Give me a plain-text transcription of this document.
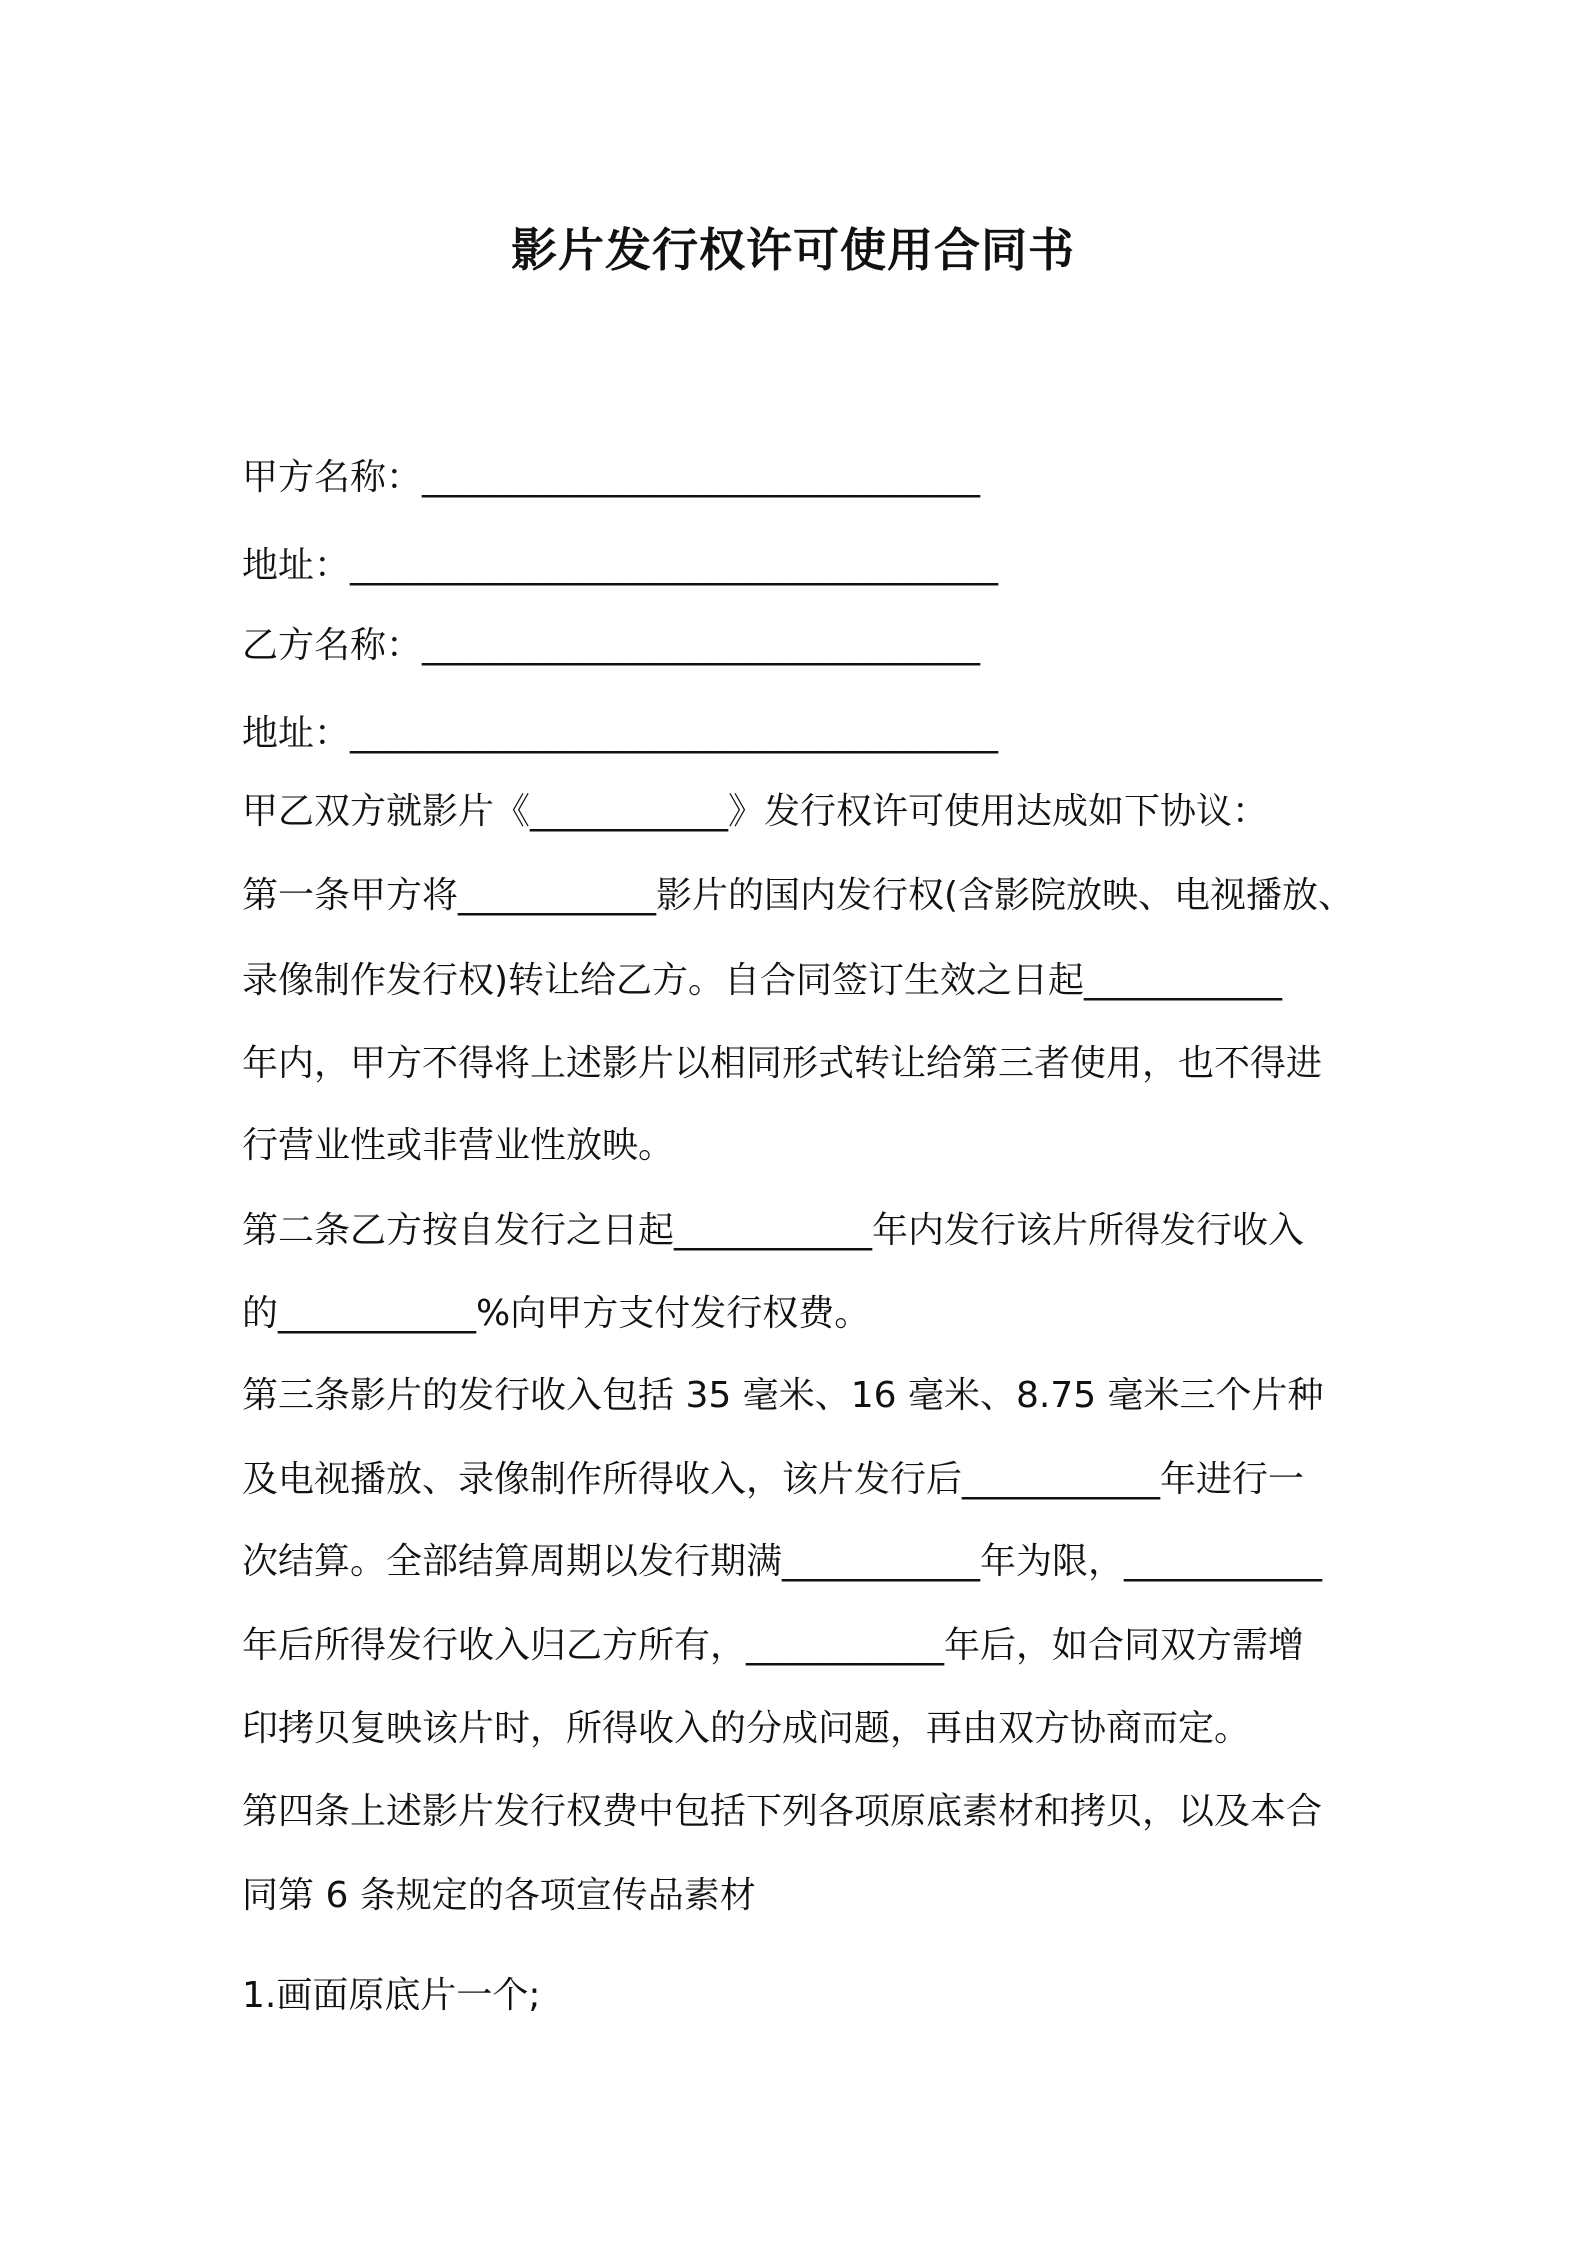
影片发行权许可使用合同书
甲方名称：_______________________________
地址：____________________________________
乙方名称：_______________________________
地址：____________________________________
甲乙双方就影片《___________》发行权许可使用达成如下协议：
第一条甲方将___________影片的国内发行权(含影院放映、电视播放、
录像制作发行权)转让给乙方。自合同签订生效之日起___________
年内，甲方不得将上述影片以相同形式转让给第三者使用，也不得进
行营业性或非营业性放映。
第二条乙方按自发行之日起___________年内发行该片所得发行收入
的___________%向甲方支付发行权费。
第三条影片的发行收入包括 35 毫米、16 毫米、8.75 毫米三个片种
及电视播放、录像制作所得收入，该片发行后___________年进行一
次结算。全部结算周期以发行期满___________年为限，___________
年后所得发行收入归乙方所有，___________年后，如合同双方需增
印拷贝复映该片时，所得收入的分成问题，再由双方协商而定。
第四条上述影片发行权费中包括下列各项原底素材和拷贝，以及本合
同第 6 条规定的各项宣传品素材
1.画面原底片一个;
